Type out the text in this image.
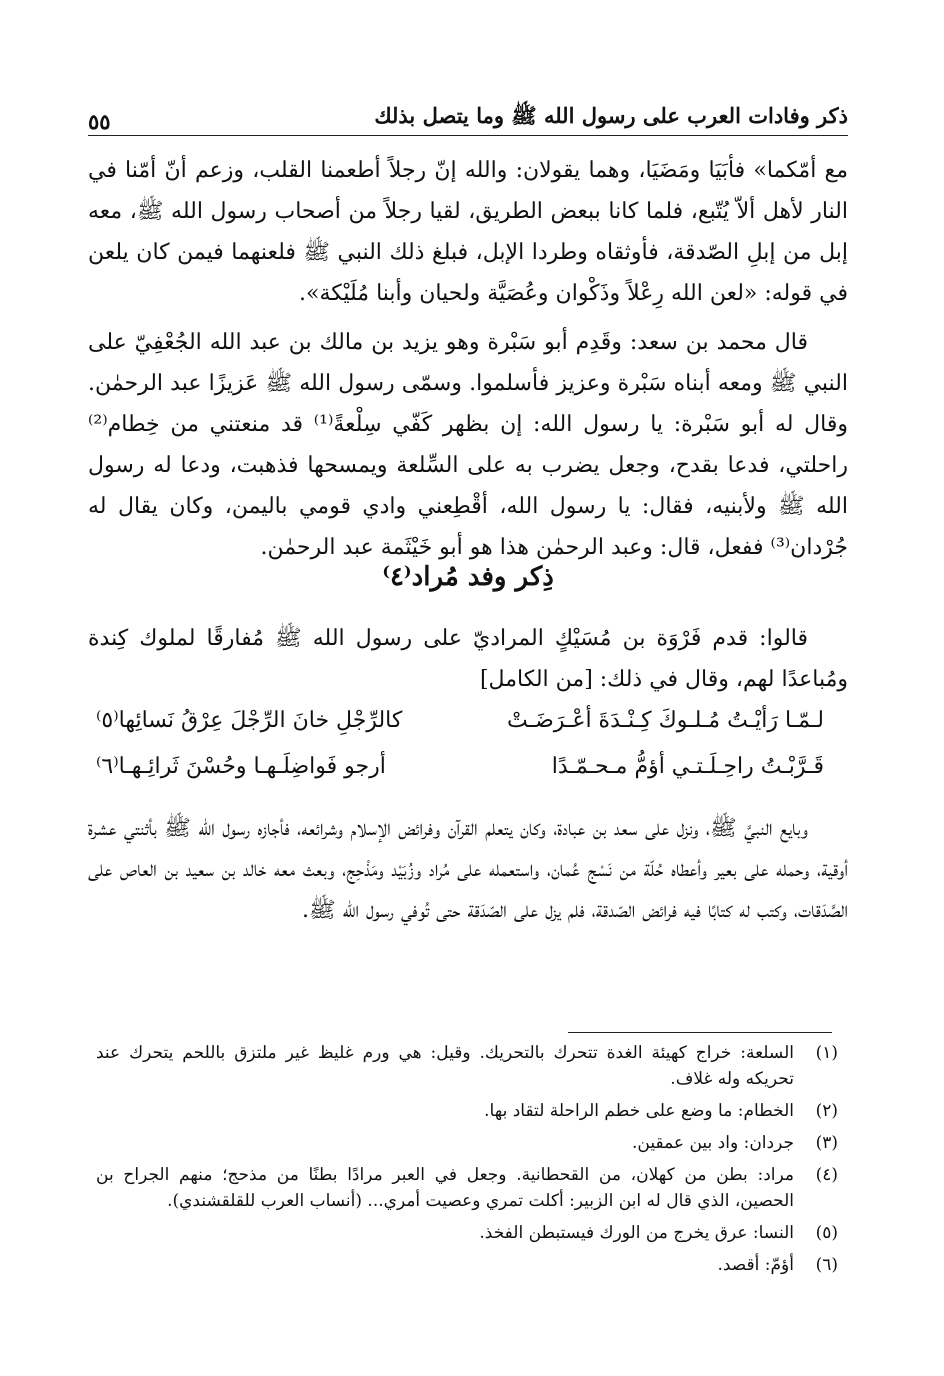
٥٥	ذكر وفادات العرب على رسول الله ﷺ وما يتصل بذلك

مع أمّكما» فأبَيَا ومَضَيَا، وهما يقولان: والله إنّ رجلاً أطعمنا القلب، وزعم أنّ أمّنا في النار لأهل ألاّ يُتّبع، فلما كانا ببعض الطريق، لقيا رجلاً من أصحاب رسول الله ﷺ، معه إبل من إبلِ الصّدقة، فأوثقاه وطردا الإبل، فبلغ ذلك النبي ﷺ فلعنهما فيمن كان يلعن في قوله: «لعن الله رِعْلاً وذَكْوان وعُصَيَّة ولحيان وأبنا مُلَيْكة».

قال محمد بن سعد: وقَدِم أبو سَبْرة وهو يزيد بن مالك بن عبد الله الجُعْفِيّ على النبي ﷺ ومعه أبناه سَبْرة وعزيز فأسلموا. وسمّى رسول الله ﷺ عَزيزًا عبد الرحمٰن. وقال له أبو سَبْرة: يا رسول الله: إن بظهر كَفّي سِلْعةً⁽¹⁾ قد منعتني من خِطام⁽²⁾ راحلتي، فدعا بقدح، وجعل يضرب به على السِّلعة ويمسحها فذهبت، ودعا له رسول الله ﷺ ولأبنيه، فقال: يا رسول الله، أقْطِعني وادي قومي باليمن، وكان يقال له جُرْدان⁽³⁾ ففعل، قال: وعبد الرحمٰن هذا هو أبو خَيْثَمة عبد الرحمٰن.

ذِكر وفد مُراد⁽٤⁾

قالوا: قدم فَرْوَة بن مُسَيْكٍ المراديّ على رسول الله ﷺ مُفارقًا لملوك كِندة ومُباعدًا لهم، وقال في ذلك: [من الكامل]

لـمّـا رَأيْـتُ مُـلـوكَ كِـنْـدَةَ أعْـرَضَـتْ
كالرِّجْلِ خانَ الرِّجْلَ عِرْقُ نَسائِها⁽٥⁾
قَـرَّبْـتُ راحِـلَـتـي أؤمُّ مـحـمّـدًا
أرجو فَواضِلَـهـا وحُسْنَ ثَرائِـهـا⁽٦⁾

وبايع النبيَّ ﷺ، ونزل على سعد بن عبادة، وكان يتعلم القرآن وفرائض الإسلام وشرائعه، فأجازه رسول الله ﷺ بأثنتي عشرة أوقية، وحمله على بعير وأعطاه حُلّة من نَسْج عُمان، واستعمله على مُراد وزُبَيْد ومَذْحِج، وبعث معه خالد بن سعيد بن العاص على الصَّدَقات، وكتب له كتابًا فيه فرائض الصّدقة، فلم يزل على الصّدَقة حتى تُوفي رسول الله ﷺ.

(١)
السلعة: خراج كهيئة الغدة تتحرك بالتحريك. وقيل: هي ورم غليظ غير ملتزق باللحم يتحرك عند تحريكه وله غلاف.
(٢)
الخطام: ما وضع على خطم الراحلة لتقاد بها.
(٣)
جردان: واد بين عمقين.
(٤)
مراد: بطن من كهلان، من القحطانية. وجعل في العبر مرادًا بطنًا من مذحج؛ منهم الجراح بن الحصين، الذي قال له ابن الزبير: أكلت تمري وعصيت أمري... (أنساب العرب للقلقشندي).
(٥)
النسا: عرق يخرج من الورك فيستبطن الفخذ.
(٦)
أؤمّ: أقصد.
